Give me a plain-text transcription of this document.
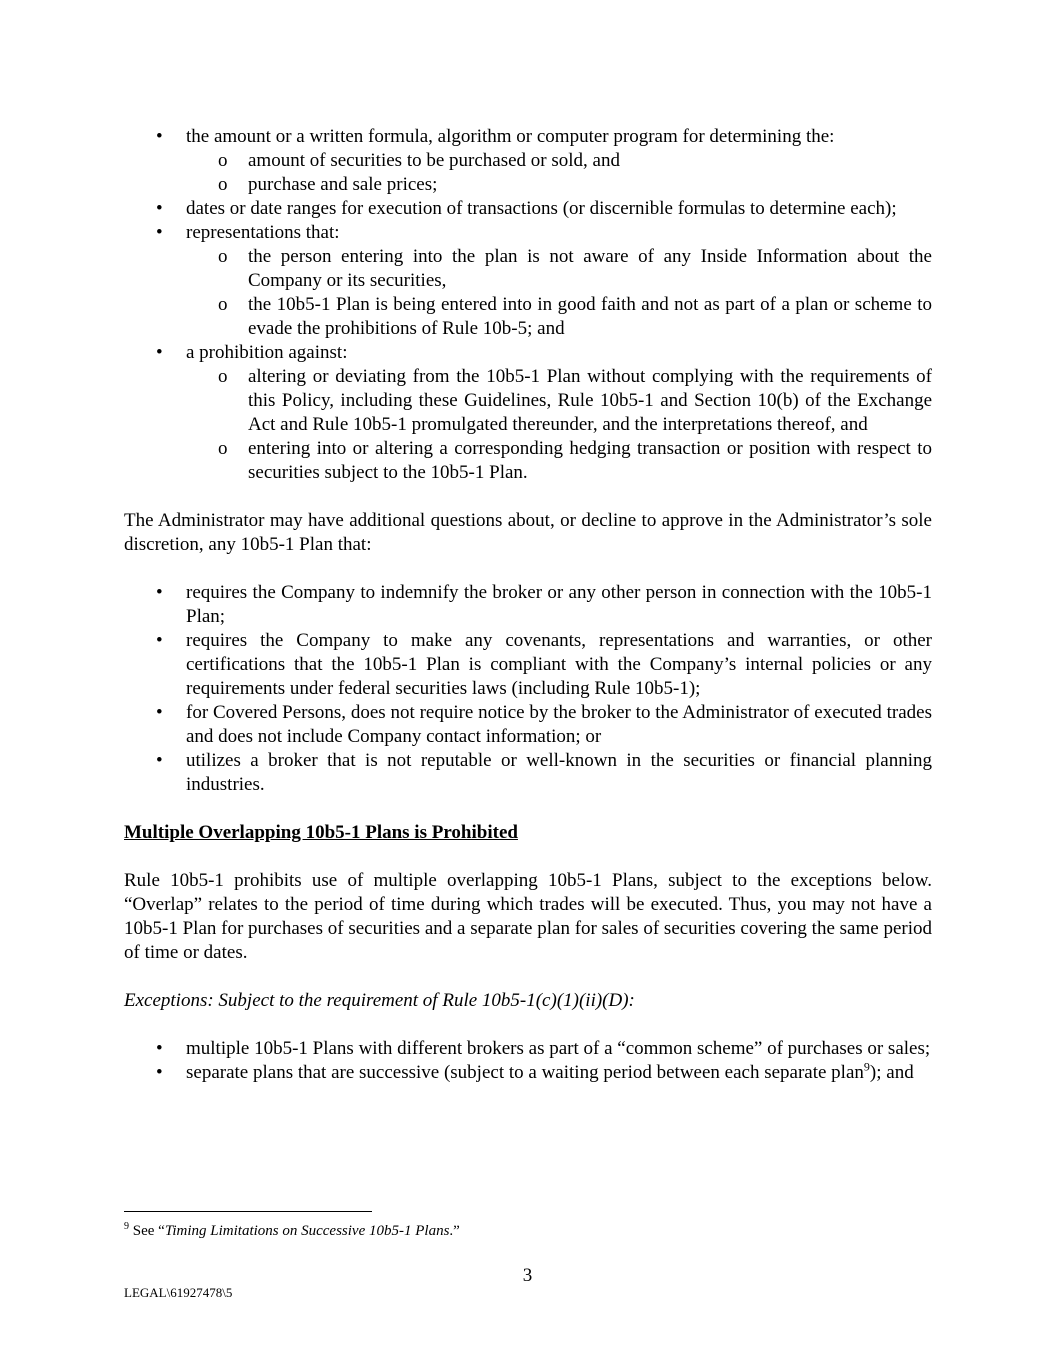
• the amount or a written formula, algorithm or computer program for determining the:
o amount of securities to be purchased or sold, and
o purchase and sale prices;
• dates or date ranges for execution of transactions (or discernible formulas to determine each);
• representations that:
o the person entering into the plan is not aware of any Inside Information about the Company or its securities,
o the 10b5-1 Plan is being entered into in good faith and not as part of a plan or scheme to evade the prohibitions of Rule 10b-5; and
• a prohibition against:
o altering or deviating from the 10b5-1 Plan without complying with the requirements of this Policy, including these Guidelines, Rule 10b5-1 and Section 10(b) of the Exchange Act and Rule 10b5-1 promulgated thereunder, and the interpretations thereof, and
o entering into or altering a corresponding hedging transaction or position with respect to securities subject to the 10b5-1 Plan.

The Administrator may have additional questions about, or decline to approve in the Administrator’s sole discretion, any 10b5-1 Plan that:

• requires the Company to indemnify the broker or any other person in connection with the 10b5-1 Plan;
• requires the Company to make any covenants, representations and warranties, or other certifications that the 10b5-1 Plan is compliant with the Company’s internal policies or any requirements under federal securities laws (including Rule 10b5-1);
• for Covered Persons, does not require notice by the broker to the Administrator of executed trades and does not include Company contact information; or
• utilizes a broker that is not reputable or well-known in the securities or financial planning industries.

Multiple Overlapping 10b5-1 Plans is Prohibited

Rule 10b5-1 prohibits use of multiple overlapping 10b5-1 Plans, subject to the exceptions below. “Overlap” relates to the period of time during which trades will be executed. Thus, you may not have a 10b5-1 Plan for purchases of securities and a separate plan for sales of securities covering the same period of time or dates.

Exceptions: Subject to the requirement of Rule 10b5-1(c)(1)(ii)(D):

• multiple 10b5-1 Plans with different brokers as part of a “common scheme” of purchases or sales;
• separate plans that are successive (subject to a waiting period between each separate plan$^9$); and
$^9$ See “Timing Limitations on Successive 10b5-1 Plans.”
3
LEGAL\61927478\5
